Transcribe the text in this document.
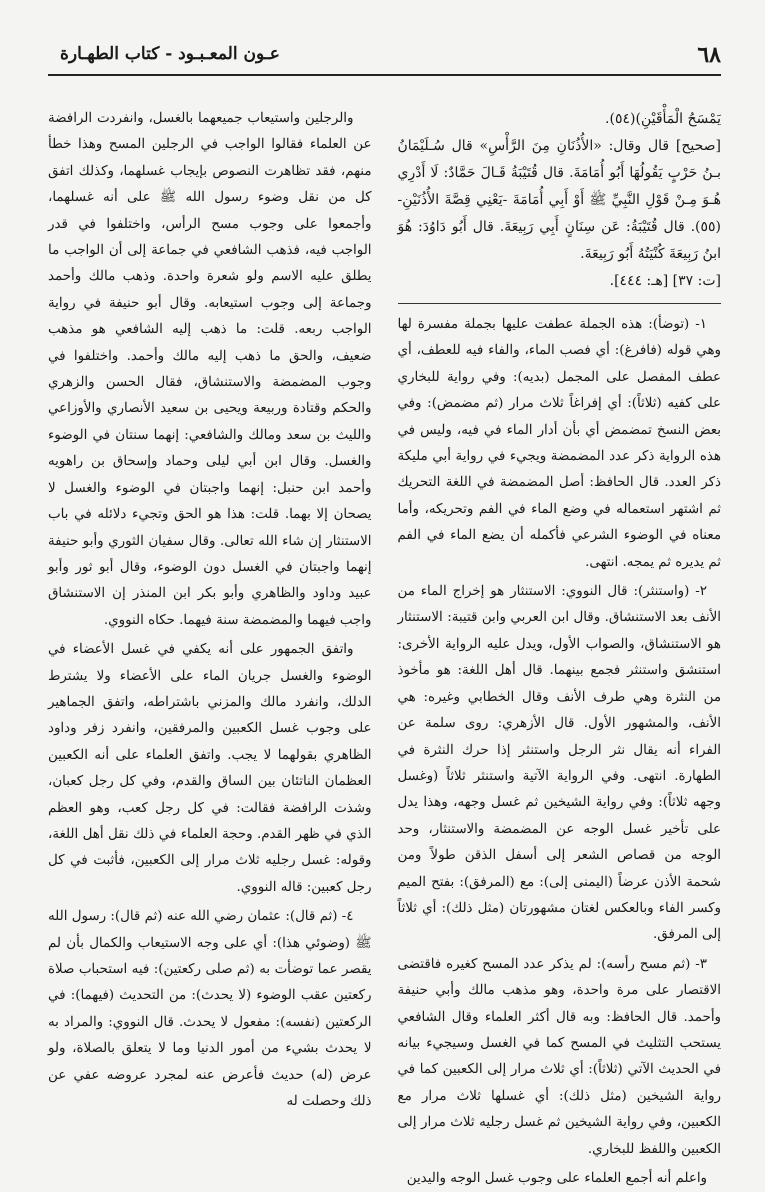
٦٨
عـون المعـبـود - كتاب الطهـارة

يَمْسَحُ الْمَأْقَيْنِ)(٥٤).

[صحيح] قال وقال: «الأُذُنَانِ مِنَ الرَّأْسِ» قال سُـلَيْمَانُ بـنُ حَرْبٍ يَقُولُهَا أَبُو أُمَامَةَ. قال قُتَيْبَةُ قَـالَ حَمَّادٌ: لَا أَدْرِي هُـوَ مِـنْ قَوْلِ النَّبِيِّ ﷺ أَوْ أَبِي أُمَامَةَ -يَعْنِي قِصَّةَ الأُذُنَيْنِ-(٥٥). قال قُتَيْبَةُ: عَن سِنَانٍ أَبِي رَبِيعَةَ. قال أَبُو دَاوُدَ: هُوَ ابنُ رَبِيعَةَ كُنْيَتُهُ أَبُو رَبِيعَةَ.

[ت: ٣٧] [هـ: ٤٤٤].

١- (توضأ): هذه الجملة عطفت عليها بجملة مفسرة لها وهي قوله (فافرغ): أي فصب الماء، والفاء فيه للعطف، أي عطف المفصل على المجمل (بديه): وفي رواية للبخاري على كفيه (ثلاثاً): أي إفراغاً ثلاث مرار (ثم مضمض): وفي بعض النسخ تمضمض أي بأن أدار الماء في فيه، وليس في هذه الرواية ذكر عدد المضمضة ويجيء في رواية أبي مليكة ذكر العدد. قال الحافظ: أصل المضمضة في اللغة التحريك ثم اشتهر استعماله في وضع الماء في الفم وتحريكه، وأما معناه في الوضوء الشرعي فأكمله أن يضع الماء في الفم ثم يديره ثم يمجه. انتهى.

٢- (واستنثر): قال النووي: الاستنثار هو إخراج الماء من الأنف بعد الاستنشاق. وقال ابن العربي وابن قتيبة: الاستنثار هو الاستنشاق، والصواب الأول، ويدل عليه الرواية الأخرى: استنشق واستنثر فجمع بينهما. قال أهل اللغة: هو مأخوذ من النثرة وهي طرف الأنف وقال الخطابي وغيره: هي الأنف، والمشهور الأول. قال الأزهري: روى سلمة عن الفراء أنه يقال نثر الرجل واستنثر إذا حرك النثرة في الطهارة. انتهى. وفي الرواية الآتية واستنثر ثلاثاً (وغسل وجهه ثلاثاً): وفي رواية الشيخين ثم غسل وجهه، وهذا يدل على تأخير غسل الوجه عن المضمضة والاستنثار، وحد الوجه من قصاص الشعر إلى أسفل الذقن طولاً ومن شحمة الأذن عرضاً (اليمنى إلى): مع (المرفق): بفتح الميم وكسر الفاء وبالعكس لغتان مشهورتان (مثل ذلك): أي ثلاثاً إلى المرفق.

٣- (ثم مسح رأسه): لم يذكر عدد المسح كغيره فاقتضى الاقتصار على مرة واحدة، وهو مذهب مالك وأبي حنيفة وأحمد. قال الحافظ: وبه قال أكثر العلماء وقال الشافعي يستحب التثليث في المسح كما في الغسل وسيجيء بيانه في الحديث الآتي (ثلاثاً): أي ثلاث مرار إلى الكعبين كما في رواية الشيخين (مثل ذلك): أي غسلها ثلاث مرار مع الكعبين، وفي رواية الشيخين ثم غسل رجليه ثلاث مرار إلى الكعبين واللفظ للبخاري.

واعلم أنه أجمع العلماء على وجوب غسل الوجه واليدين

والرجلين واستيعاب جميعهما بالغسل، وانفردت الرافضة عن العلماء فقالوا الواجب في الرجلين المسح وهذا خطأ منهم، فقد تظاهرت النصوص بإيجاب غسلهما، وكذلك اتفق كل من نقل وضوء رسول الله ﷺ على أنه غسلهما، وأجمعوا على وجوب مسح الرأس، واختلفوا في قدر الواجب فيه، فذهب الشافعي في جماعة إلى أن الواجب ما يطلق عليه الاسم ولو شعرة واحدة. وذهب مالك وأحمد وجماعة إلى وجوب استيعابه. وقال أبو حنيفة في رواية الواجب ربعه. قلت: ما ذهب إليه الشافعي هو مذهب ضعيف، والحق ما ذهب إليه مالك وأحمد. واختلفوا في وجوب المضمضة والاستنشاق، فقال الحسن والزهري والحكم وقتادة وربيعة ويحيى بن سعيد الأنصاري والأوزاعي والليث بن سعد ومالك والشافعي: إنهما سنتان في الوضوء والغسل. وقال ابن أبي ليلى وحماد وإسحاق بن راهويه وأحمد ابن حنبل: إنهما واجبتان في الوضوء والغسل لا يصحان إلا بهما. قلت: هذا هو الحق وتجيء دلائله في باب الاستنثار إن شاء الله تعالى. وقال سفيان الثوري وأبو حنيفة إنهما واجبتان في الغسل دون الوضوء، وقال أبو ثور وأبو عبيد وداود والظاهري وأبو بكر ابن المنذر إن الاستنشاق واجب فيهما والمضمضة سنة فيهما. حكاه النووي.

واتفق الجمهور على أنه يكفي في غسل الأعضاء في الوضوء والغسل جريان الماء على الأعضاء ولا يشترط الدلك، وانفرد مالك والمزني باشتراطه، واتفق الجماهير على وجوب غسل الكعبين والمرفقين، وانفرد زفر وداود الظاهري بقولهما لا يجب. واتفق العلماء على أنه الكعبين العظمان الناتئان بين الساق والقدم، وفي كل رجل كعبان، وشذت الرافضة فقالت: في كل رجل كعب، وهو العظم الذي في ظهر القدم. وحجة العلماء في ذلك نقل أهل اللغة، وقوله: غسل رجليه ثلاث مرار إلى الكعبين، فأثبت في كل رجل كعبين: قاله النووي.

٤- (ثم قال): عثمان رضي الله عنه (ثم قال): رسول الله ﷺ (وضوئي هذا): أي على وجه الاستيعاب والكمال بأن لم يقصر عما توضأت به (ثم صلى ركعتين): فيه استحباب صلاة ركعتين عقب الوضوء (لا يحدث): من التحديث (فيهما): في الركعتين (نفسه): مفعول لا يحدث. قال النووي: والمراد به لا يحدث بشيء من أمور الدنيا وما لا يتعلق بالصلاة، ولو عرض (له) حديث فأعرض عنه لمجرد عروضه عفي عن ذلك وحصلت له
